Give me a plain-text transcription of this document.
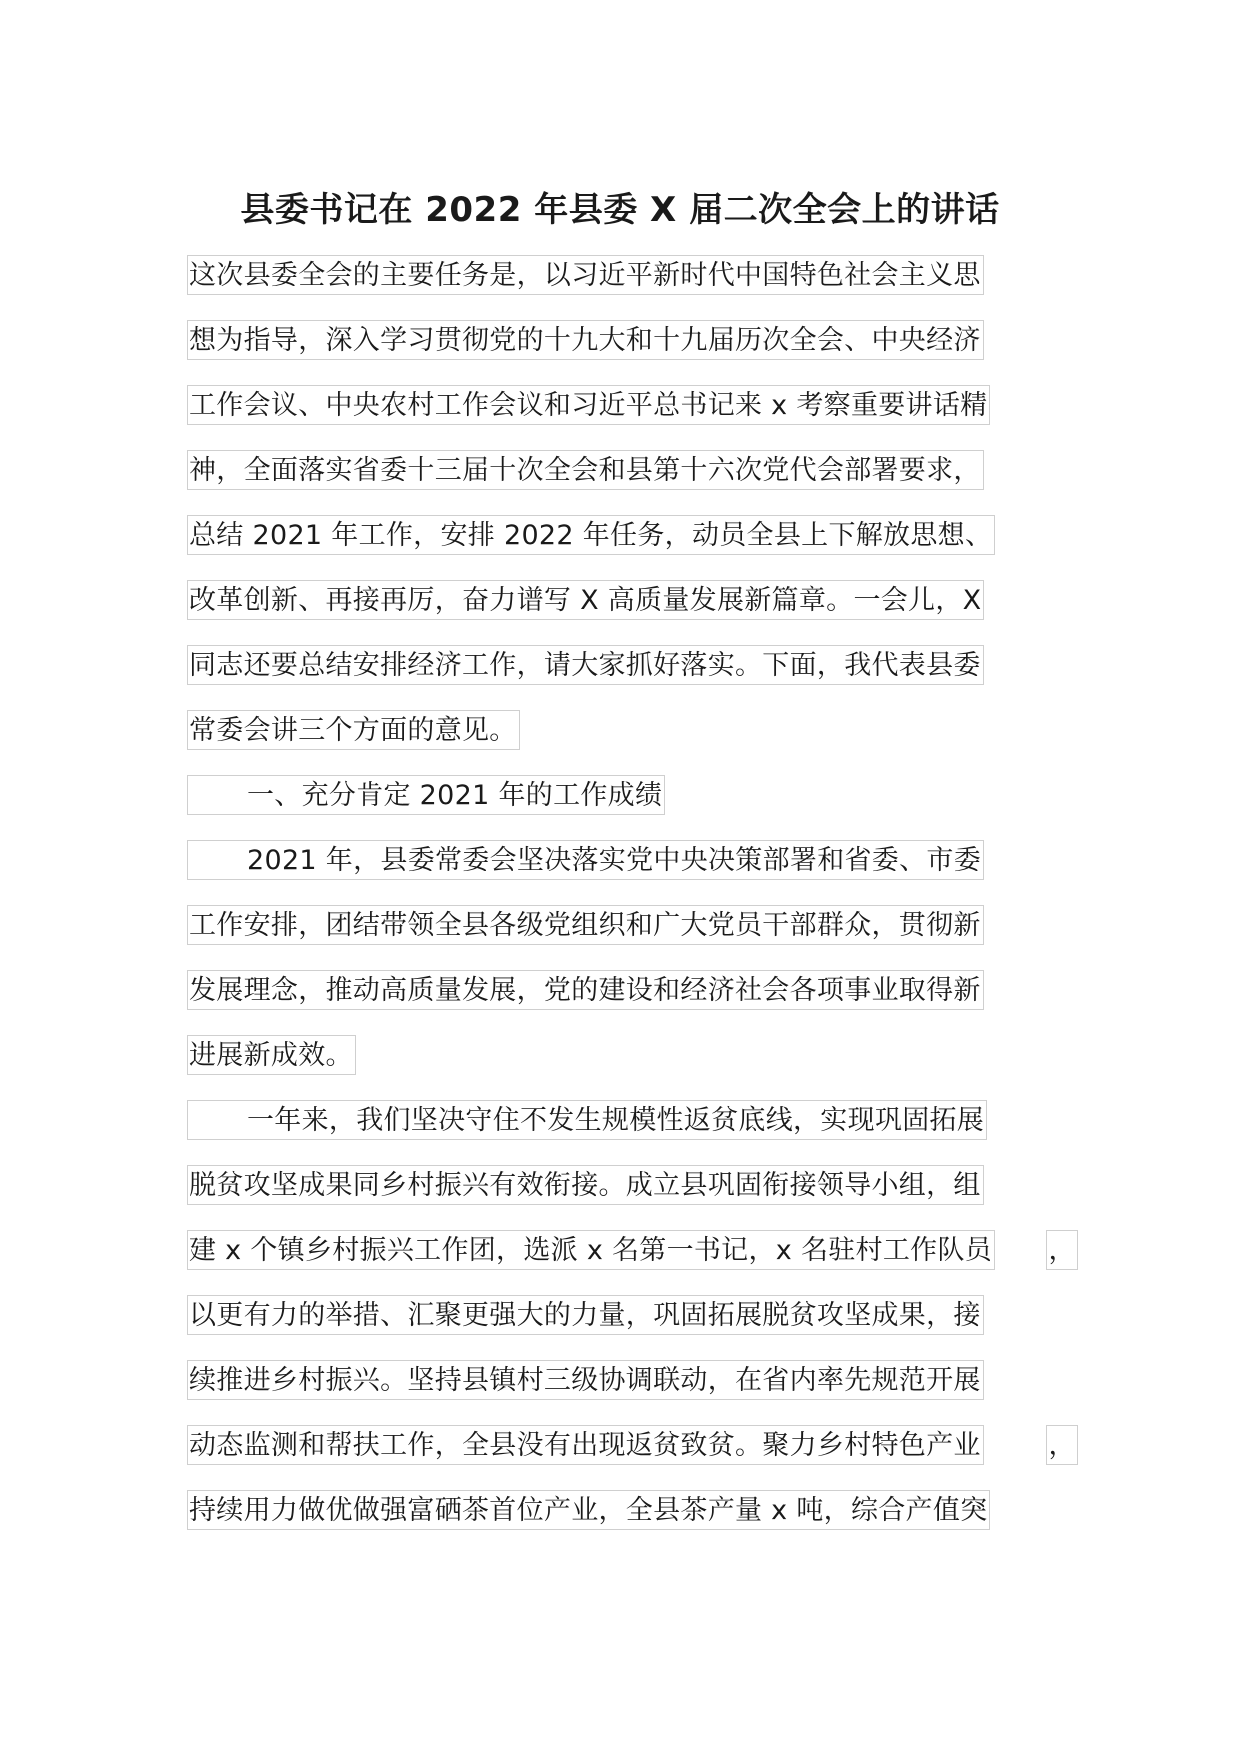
县委书记在 2022 年县委 X 届二次全会上的讲话
这次县委全会的主要任务是，以习近平新时代中国特色社会主义思
想为指导，深入学习贯彻党的十九大和十九届历次全会、中央经济
工作会议、中央农村工作会议和习近平总书记来 x 考察重要讲话精
神，全面落实省委十三届十次全会和县第十六次党代会部署要求，
总结 2021 年工作，安排 2022 年任务，动员全县上下解放思想、
改革创新、再接再厉，奋力谱写 X 高质量发展新篇章。一会儿，X
同志还要总结安排经济工作，请大家抓好落实。下面，我代表县委
常委会讲三个方面的意见。
一、充分肯定 2021 年的工作成绩
2021 年，县委常委会坚决落实党中央决策部署和省委、市委
工作安排，团结带领全县各级党组织和广大党员干部群众，贯彻新
发展理念，推动高质量发展，党的建设和经济社会各项事业取得新
进展新成效。
一年来，我们坚决守住不发生规模性返贫底线，实现巩固拓展
脱贫攻坚成果同乡村振兴有效衔接。成立县巩固衔接领导小组，组
建 x 个镇乡村振兴工作团，选派 x 名第一书记，x 名驻村工作队员 ，
以更有力的举措、汇聚更强大的力量，巩固拓展脱贫攻坚成果，接
续推进乡村振兴。坚持县镇村三级协调联动，在省内率先规范开展
动态监测和帮扶工作，全县没有出现返贫致贫。聚力乡村特色产业	，
持续用力做优做强富硒茶首位产业，全县茶产量 x 吨，综合产值突
